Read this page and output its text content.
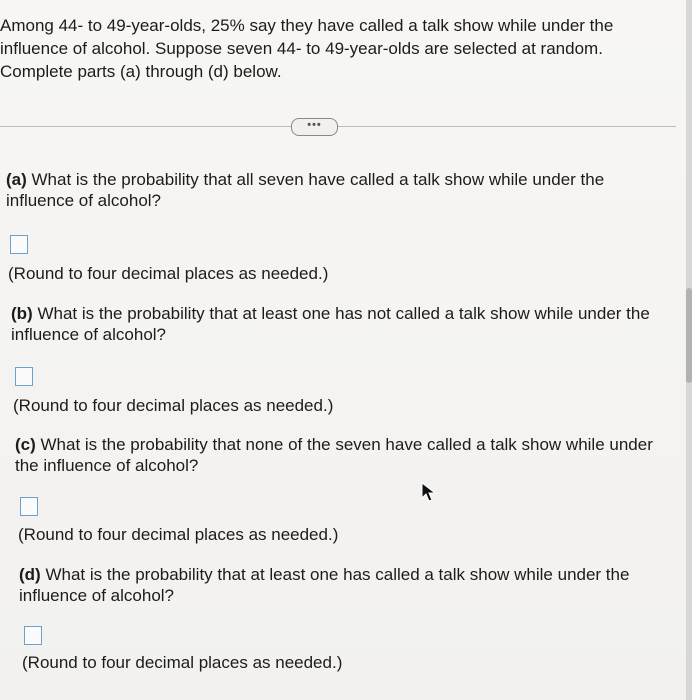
Among 44- to 49-year-olds, 25% say they have called a talk show while under the influence of alcohol. Suppose seven 44- to 49-year-olds are selected at random. Complete parts (a) through (d) below.

•••

(a) What is the probability that all seven have called a talk show while under the influence of alcohol?

(Round to four decimal places as needed.)

(b) What is the probability that at least one has not called a talk show while under the influence of alcohol?

(Round to four decimal places as needed.)

(c) What is the probability that none of the seven have called a talk show while under the influence of alcohol?

(Round to four decimal places as needed.)

(d) What is the probability that at least one has called a talk show while under the influence of alcohol?

(Round to four decimal places as needed.)
